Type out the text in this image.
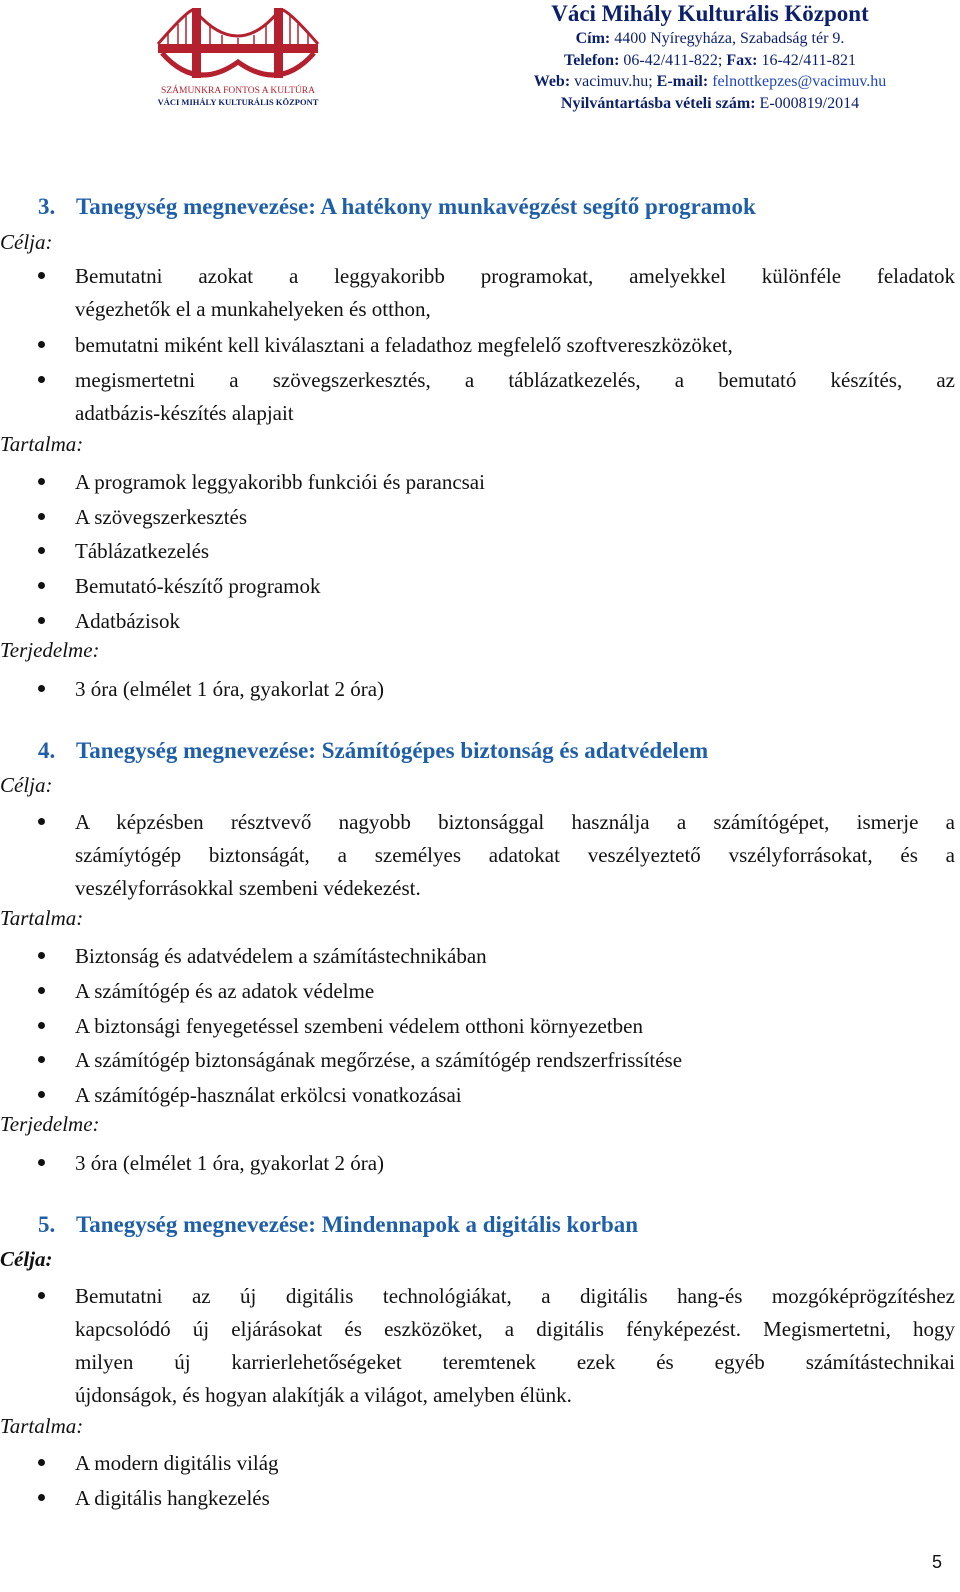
SZÁMUNKRA FONTOS A KULTÚRA
VÁCI MIHÁLY KULTURÁLIS KÖZPONT
Váci Mihály Kulturális Központ
Cím: 4400 Nyíregyháza, Szabadság tér 9.
Telefon: 06-42/411-822; Fax: 16-42/411-821
Web: vacimuv.hu; E-mail: felnottkepzes@vacimuv.hu
Nyilvántartásba vételi szám: E-000819/2014
3. Tanegység megnevezése: A hatékony munkavégzést segítő programok
Célja:
Bemutatni azokat a leggyakoribb programokat, amelyekkel különféle feladatok
végezhetők el a munkahelyeken és otthon,
bemutatni miként kell kiválasztani a feladathoz megfelelő szoftvereszközöket,
megismertetni a szövegszerkesztés, a táblázatkezelés, a bemutató készítés, az
adatbázis-készítés alapjait
Tartalma:
A programok leggyakoribb funkciói és parancsai
A szövegszerkesztés
Táblázatkezelés
Bemutató-készítő programok
Adatbázisok
Terjedelme:
3 óra (elmélet 1 óra, gyakorlat 2 óra)
4. Tanegység megnevezése: Számítógépes biztonság és adatvédelem
Célja:
A képzésben résztvevő nagyobb biztonsággal használja a számítógépet, ismerje a
számíytógép biztonságát, a személyes adatokat veszélyeztető vszélyforrásokat, és a
veszélyforrásokkal szembeni védekezést.
Tartalma:
Biztonság és adatvédelem a számítástechnikában
A számítógép és az adatok védelme
A biztonsági fenyegetéssel szembeni védelem otthoni környezetben
A számítógép biztonságának megőrzése, a számítógép rendszerfrissítése
A számítógép-használat erkölcsi vonatkozásai
Terjedelme:
3 óra (elmélet 1 óra, gyakorlat 2 óra)
5. Tanegység megnevezése: Mindennapok a digitális korban
Célja:
Bemutatni az új digitális technológiákat, a digitális hang-és mozgóképrögzítéshez
kapcsolódó új eljárásokat és eszközöket, a digitális fényképezést. Megismertetni, hogy
milyen új karrierlehetőségeket teremtenek ezek és egyéb számítástechnikai
újdonságok, és hogyan alakítják a világot, amelyben élünk.
Tartalma:
A modern digitális világ
A digitális hangkezelés
5
